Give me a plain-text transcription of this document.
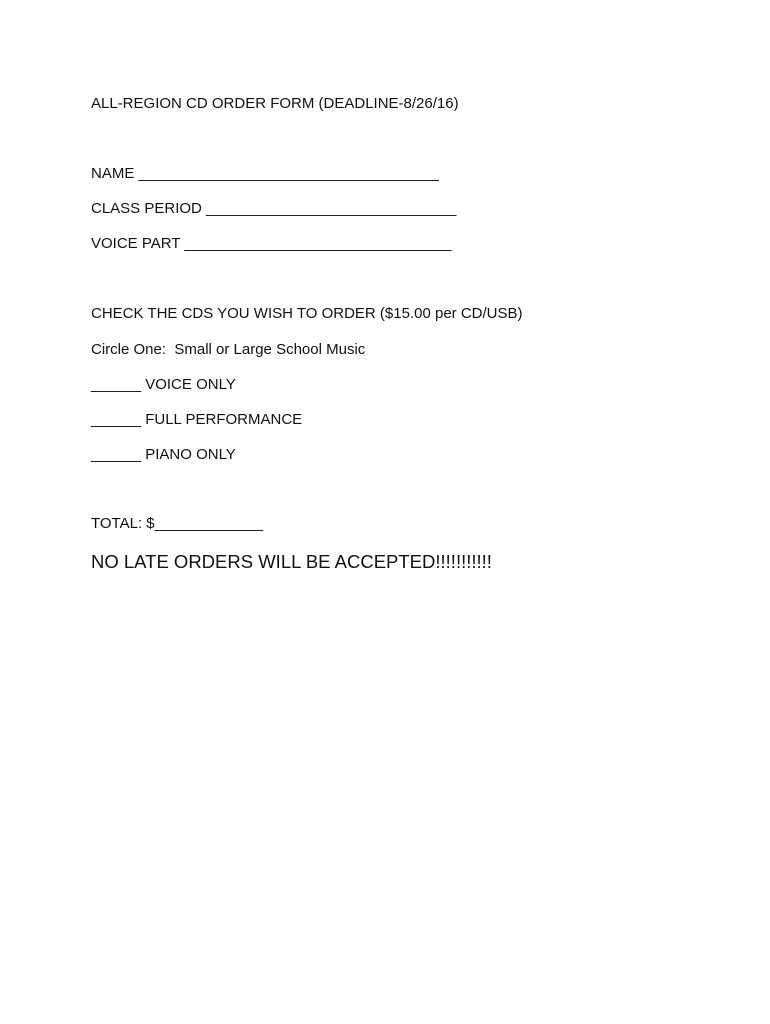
ALL-REGION CD ORDER FORM (DEADLINE-8/26/16)
NAME ____________________________________
CLASS PERIOD ______________________________
VOICE PART ________________________________
CHECK THE CDS YOU WISH TO ORDER ($15.00 per CD/USB)
Circle One:  Small or Large School Music
______ VOICE ONLY
______ FULL PERFORMANCE
______ PIANO ONLY
TOTAL: $_____________
NO LATE ORDERS WILL BE ACCEPTED!!!!!!!!!!!
